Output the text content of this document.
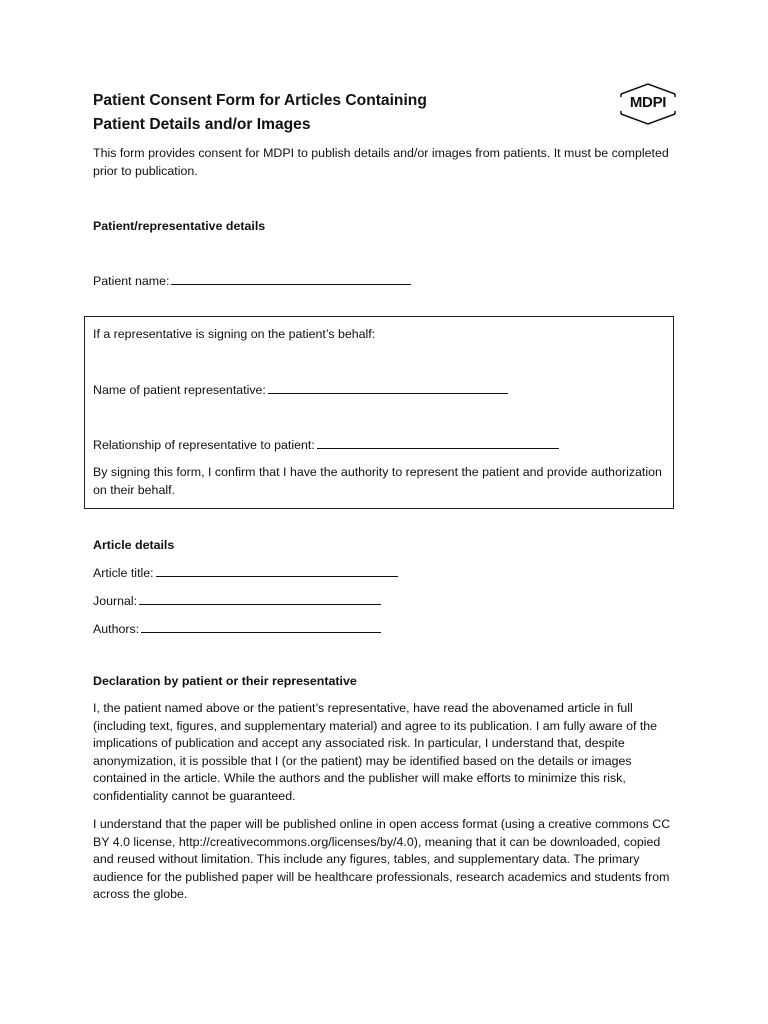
Patient Consent Form for Articles Containing
Patient Details and/or Images
MDPI

This form provides consent for MDPI to publish details and/or images from patients. It must be completed prior to publication.

Patient/representative details

Patient name:

If a representative is signing on the patient’s behalf:

Name of patient representative:

Relationship of representative to patient:

By signing this form, I confirm that I have the authority to represent the patient and provide authorization on their behalf.

Article details

Article title:

Journal:

Authors:

Declaration by patient or their representative

I, the patient named above or the patient’s representative, have read the abovenamed article in full (including text, figures, and supplementary material) and agree to its publication. I am fully aware of the implications of publication and accept any associated risk. In particular, I understand that, despite anonymization, it is possible that I (or the patient) may be identified based on the details or images contained in the article. While the authors and the publisher will make efforts to minimize this risk, confidentiality cannot be guaranteed.

I understand that the paper will be published online in open access format (using a creative commons CC BY 4.0 license, http://creativecommons.org/licenses/by/4.0), meaning that it can be downloaded, copied and reused without limitation. This include any figures, tables, and supplementary data. The primary audience for the published paper will be healthcare professionals, research academics and students from across the globe.
